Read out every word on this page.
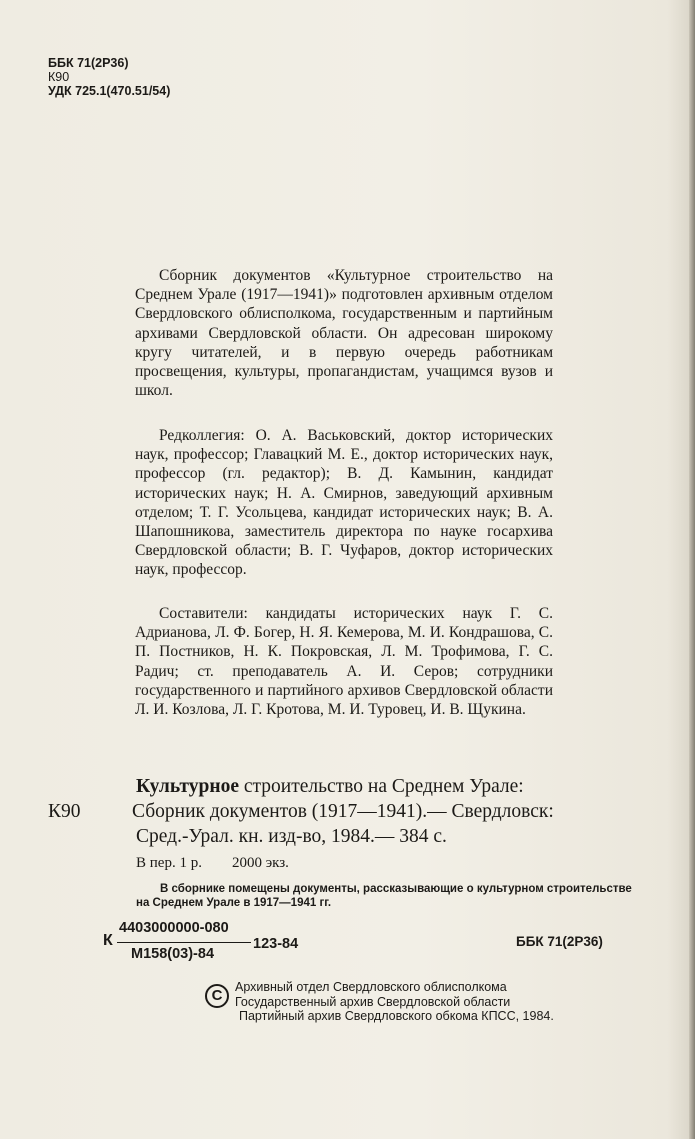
ББК 71(2Р36)
К90
УДК 725.1(470.51/54)

Сборник документов «Культурное строительство на Среднем Урале (1917—1941)» подготовлен архивным отделом Свердловского облисполкома, государственным и партийным архивами Свердловской области. Он адресован широкому кругу читателей, и в первую очередь работникам просвещения, культуры, пропагандистам, учащимся вузов и школ.

Редколлегия: О. А. Васьковский, доктор исторических наук, профессор; Главацкий М. Е., доктор исторических наук, профессор (гл. редактор); В. Д. Камынин, кандидат исторических наук; Н. А. Смирнов, заведующий архивным отделом; Т. Г. Усольцева, кандидат исторических наук; В. А. Шапошникова, заместитель директора по науке госархива Свердловской области; В. Г. Чуфаров, доктор исторических наук, профессор.

Составители: кандидаты исторических наук Г. С. Адрианова, Л. Ф. Богер, Н. Я. Кемерова, М. И. Кондрашова, С. П. Постников, Н. К. Покровская, Л. М. Трофимова, Г. С. Радич; ст. преподаватель А. И. Серов; сотрудники государственного и партийного архивов Свердловской области Л. И. Козлова, Л. Г. Кротова, М. И. Туровец, И. В. Щукина.

Культурное строительство на Среднем Урале:
К90	Сборник документов (1917—1941).— Свердловск:
Сред.-Урал. кн. изд-во, 1984.— 384 с.
В пер. 1 р. 2000 экз.
В сборнике помещены документы, рассказывающие о культурном строительстве на Среднем Урале в 1917—1941 гг.
К
4403000000-080
М158(03)-84
123-84	ББК 71(2Р36)
C	Архивный отдел Свердловского облисполкома
Государственный архив Свердловской области
Партийный архив Свердловского обкома КПСС, 1984.
